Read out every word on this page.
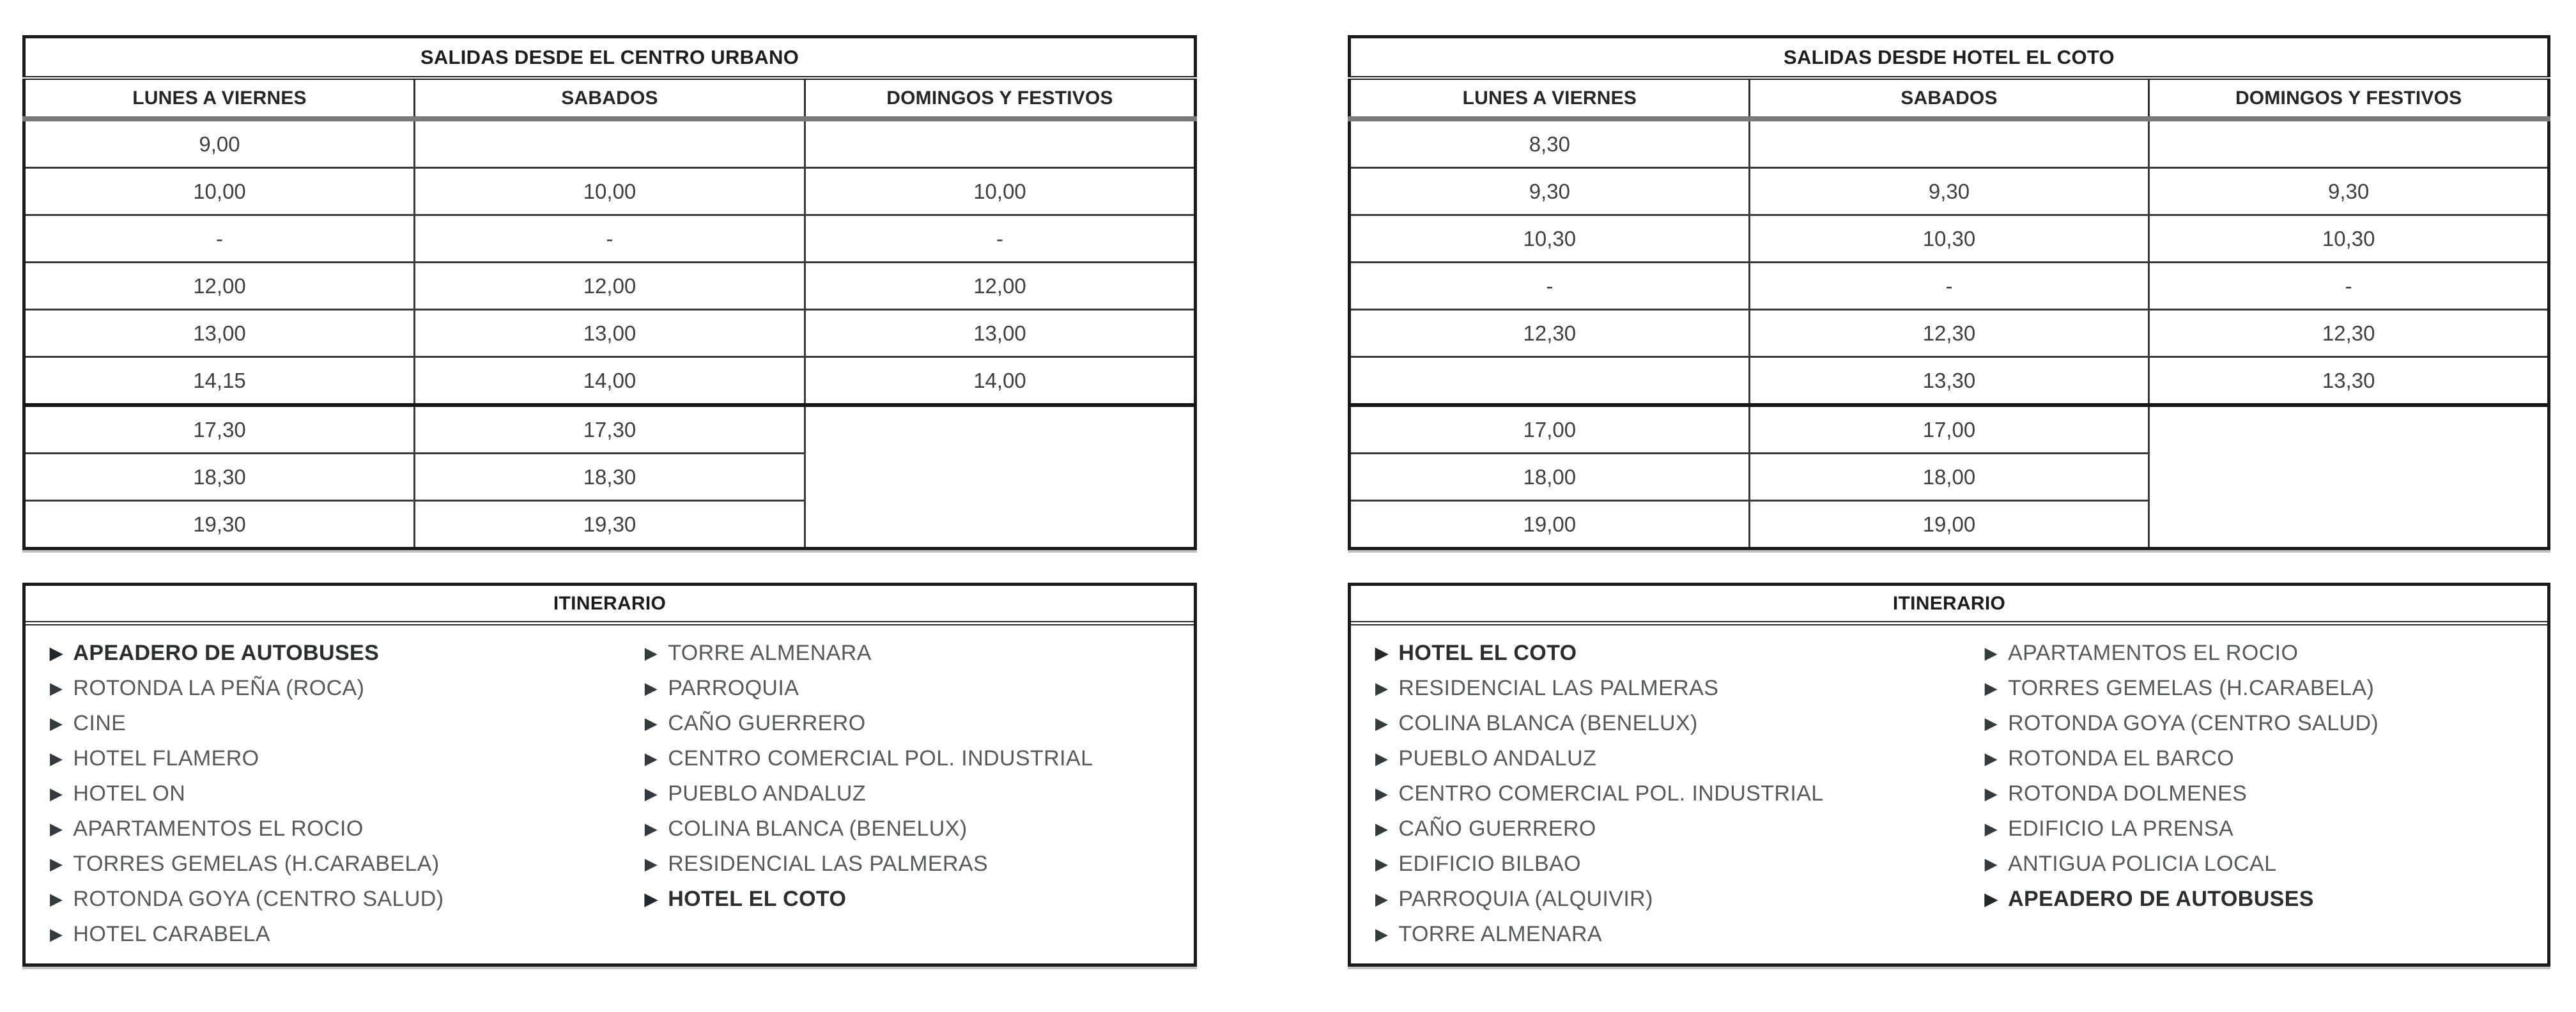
SALIDAS DESDE EL CENTRO URBANO		
LUNES A VIERNES	SABADOS	DOMINGOS Y FESTIVOS
9,00		
10,00	10,00	10,00
-	-	-
12,00	12,00	12,00
13,00	13,00	13,00
14,15	14,00	14,00
17,30	17,30	
18,30	18,30	
19,30	19,30	
SALIDAS DESDE HOTEL EL COTO		
LUNES A VIERNES	SABADOS	DOMINGOS Y FESTIVOS
8,30		
9,30	9,30	9,30
10,30	10,30	10,30
-	-	-
12,30	12,30	12,30
	13,30	13,30
17,00	17,00	
18,00	18,00	
19,00	19,00	
ITINERARIO
▶ APEADERO DE AUTOBUSES
▶ ROTONDA LA PEÑA (ROCA)
▶ CINE
▶ HOTEL FLAMERO
▶ HOTEL ON
▶ APARTAMENTOS EL ROCIO
▶ TORRES GEMELAS (H.CARABELA)
▶ ROTONDA GOYA (CENTRO SALUD)
▶ HOTEL CARABELA
▶ TORRE ALMENARA
▶ PARROQUIA
▶ CAÑO GUERRERO
▶ CENTRO COMERCIAL POL. INDUSTRIAL
▶ PUEBLO ANDALUZ
▶ COLINA BLANCA (BENELUX)
▶ RESIDENCIAL LAS PALMERAS
▶ HOTEL EL COTO
ITINERARIO
▶ HOTEL EL COTO
▶ RESIDENCIAL LAS PALMERAS
▶ COLINA BLANCA (BENELUX)
▶ PUEBLO ANDALUZ
▶ CENTRO COMERCIAL POL. INDUSTRIAL
▶ CAÑO GUERRERO
▶ EDIFICIO BILBAO
▶ PARROQUIA (ALQUIVIR)
▶ TORRE ALMENARA
▶ APARTAMENTOS EL ROCIO
▶ TORRES GEMELAS (H.CARABELA)
▶ ROTONDA GOYA (CENTRO SALUD)
▶ ROTONDA EL BARCO
▶ ROTONDA DOLMENES
▶ EDIFICIO LA PRENSA
▶ ANTIGUA POLICIA LOCAL
▶ APEADERO DE AUTOBUSES
